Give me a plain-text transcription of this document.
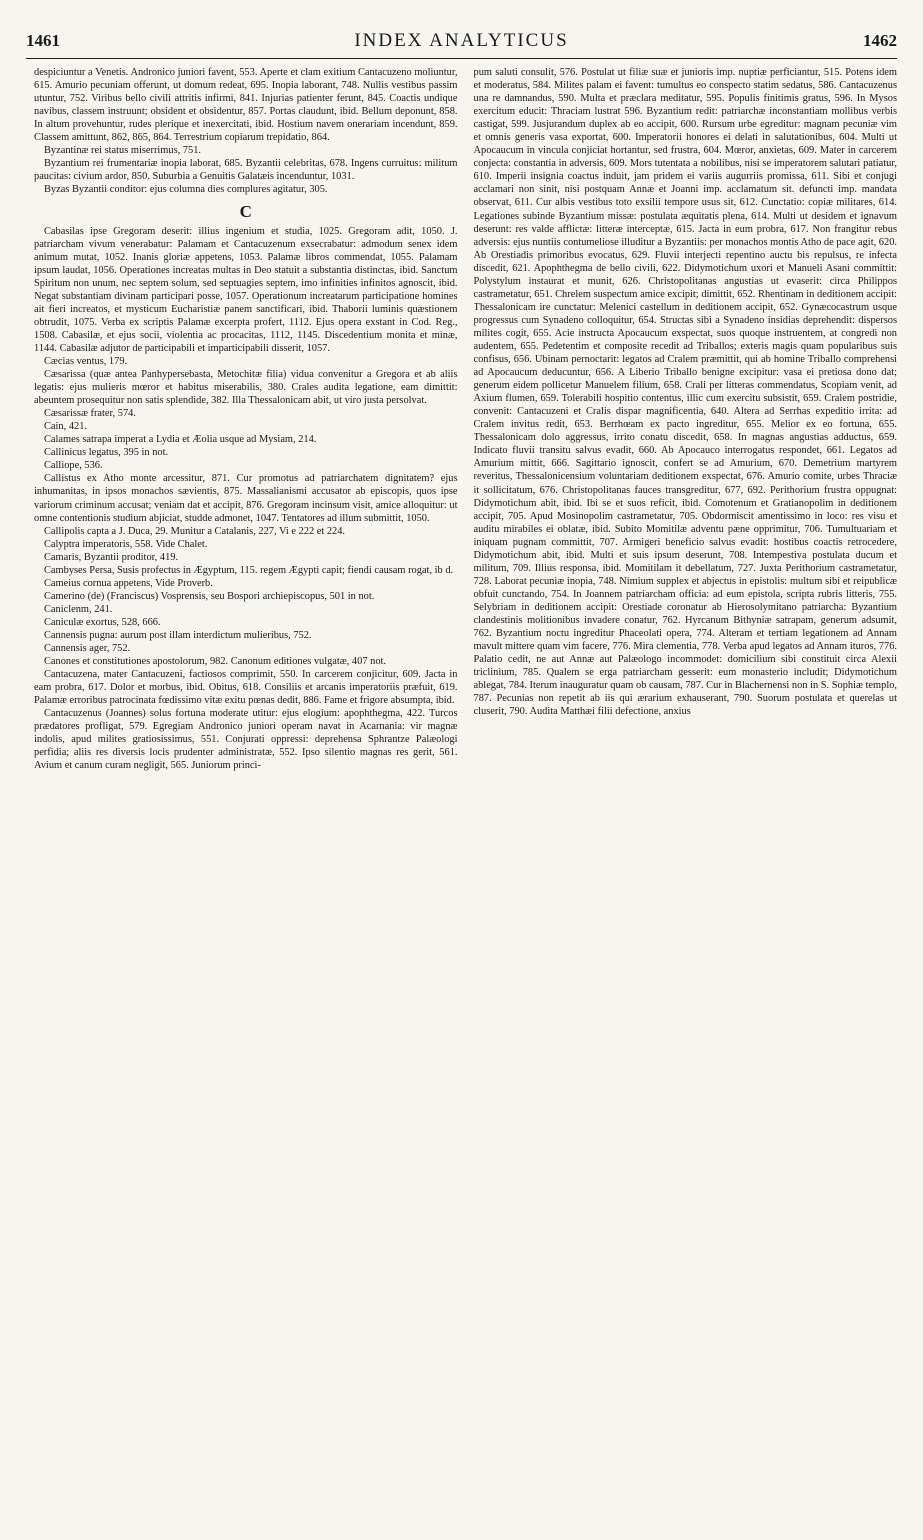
1461	INDEX ANALYTICUS	1462

despiciuntur a Venetis. Andronico juniori favent, 553. Aperte et clam exitium Cantacuzeno moliuntur, 615. Amurio pecuniam offerunt, ut domum redeat, 695. Inopia laborant, 748. Nullis vestibus passim utuntur, 752. Viribus bello civili attritis infirmi, 841. Injurias patienter ferunt, 845. Coactis undique navibus, classem instruunt; obsident et obsidentur, 857. Portas claudunt, ibid. Bellum deponunt, 858. In altum provehuntur, rudes plerique et inexercitati, ibid. Hostium navem onerariam incendunt, 859. Classem amittunt, 862, 865, 864. Terrestrium copiarum trepidatio, 864.

Byzantinæ rei status miserrimus, 751.

Byzantium rei frumentariæ inopia laborat, 685. Byzantii celebritas, 678. Ingens curruitus: militum paucitas: civium ardor, 850. Suburbia a Genuitis Galatæis incenduntur, 1031.

Byzas Byzantii conditor: ejus columna dies complures agitatur, 305.

C

Cabasilas ipse Gregoram deserit: illius ingenium et studia, 1025. Gregoram adit, 1050. J. patriarcham vivum venerabatur: Palamam et Cantacuzenum exsecrabatur: admodum senex idem animum mutat, 1052. Inanis gloriæ appetens, 1053. Palamæ libros commendat, 1055. Palamam ipsum laudat, 1056. Operationes increatas multas in Deo statuit a substantia distinctas, ibid. Sanctum Spiritum non unum, nec septem solum, sed septuagies septem, imo infinities infinitos agnoscit, ibid. Negat substantiam divinam participari posse, 1057. Operationum increatarum participatione homines ait fieri increatos, et mysticum Eucharistiæ panem sanctificari, ibid. Thaborii luminis quæstionem obtrudit, 1075. Verba ex scriptis Palamæ excerpta profert, 1112. Ejus opera exstant in Cod. Reg., 1508. Cabasilæ, et ejus socii, violentia ac procacitas, 1112, 1145. Discedentium monita et minæ, 1144. Cabasilæ adjutor de participabili et imparticipabili disserit, 1057.

Cæcias ventus, 179.

Cæsarissa (quæ antea Panhypersebasta, Metochitæ filia) vidua convenitur a Gregora et ab aliis legatis: ejus mulieris mœror et habitus miserabilis, 380. Crales audita legatione, eam dimittit: abeuntem prosequitur non satis splendide, 382. Illa Thessalonicam abit, ut viro justa persolvat.

Cæsarissæ frater, 574.

Cain, 421.

Calames satrapa imperat a Lydia et Æolia usque ad Mysiam, 214.

Callinicus legatus, 395 in not.

Calliope, 536.

Callistus ex Atho monte arcessitur, 871. Cur promotus ad patriarchatem dignitatem? ejus inhumanitas, in ipsos monachos sævientis, 875. Massalianismi accusator ab episcopis, quos ipse variorum criminum accusat; veniam dat et accipit, 876. Gregoram incinsum visit, amice alloquitur: ut omne contentionis studium abjiciat, studde admonet, 1047. Tentatores ad illum submittit, 1050.

Callipolis capta a J. Duca, 29. Munitur a Catalanis, 227, Vi e 222 et 224.

Calyptra imperatoris, 558. Vide Chalet.

Camaris, Byzantii proditor, 419.

Cambyses Persa, Susis profectus in Ægyptum, 115. regem Ægypti capit; fiendi causam rogat, ib d.

Cameius cornua appetens, Vide Proverb.

Camerino (de) (Franciscus) Vosprensis, seu Bospori archiepiscopus, 501 in not.

Caniclenm, 241.

Caniculæ exortus, 528, 666.

Cannensis pugna: aurum post illam interdictum mulieribus, 752.

Cannensis ager, 752.

Canones et constitutiones apostolorum, 982. Canonum editiones vulgatæ, 407 not.

Cantacuzena, mater Cantacuzeni, factiosos comprimit, 550. In carcerem conjicitur, 609. Jacta in eam probra, 617. Dolor et morbus, ibid. Obitus, 618. Consiliis et arcanis imperatoriis præfuit, 619. Palamæ erroribus patrocinata fœdissimo vitæ exitu pœnas dedit, 886. Fame et frigore absumpta, ibid.

Cantacuzenus (Joannes) solus fortuna moderate utitur: ejus elogium: apophthegma, 422. Turcos prædatores profligat, 579. Egregiam Andronico juniori operam navat in Acarnania: vir magnæ indolis, apud milites gratiosissimus, 551. Conjurati oppressi: deprehensa Sphrantze Palæologi perfidia; aliis res diversis locis prudenter administratæ, 552. Ipso silentio magnas res gerit, 561. Avium et canum curam negligit, 565. Juniorum princi-

pum saluti consulit, 576. Postulat ut filiæ suæ et junioris imp. nuptiæ perficiantur, 515. Potens idem et moderatus, 584. Milites palam ei favent: tumultus eo conspecto statim sedatus, 586. Cantacuzenus una re damnandus, 590. Multa et præclara meditatur, 595. Populis finitimis gratus, 596. In Mysos exercitum educit: Thraciam lustrat 596. Byzantium redit: patriarchæ inconstantiam mollibus verbis castigat, 599. Jusjurandum duplex ab eo accipit, 600. Rursum urbe egreditur: magnam pecuniæ vim et omnis generis vasa exportat, 600. Imperatorii honores ei delati in salutationibus, 604. Multi ut Apocaucum in vincula conjiciat hortantur, sed frustra, 604. Mœror, anxietas, 609. Mater in carcerem conjecta: constantia in adversis, 609. Mors tutentata a nobilibus, nisi se imperatorem salutari patiatur, 610. Imperii insignia coactus induit, jam pridem ei variis augurriis promissa, 611. Sibi et conjugi acclamari non sinit, nisi postquam Annæ et Joanni imp. acclamatum sit. defuncti imp. mandata observat, 611. Cur albis vestibus toto exsilii tempore usus sit, 612. Cunctatio: copiæ militares, 614. Legationes subinde Byzantium missæ: postulata æquitatis plena, 614. Multi ut desidem et ignavum deserunt: res valde afflictæ: litteræ interceptæ, 615. Jacta in eum probra, 617. Non frangitur rebus adversis: ejus nuntiis contumeliose illuditur a Byzantiis: per monachos montis Atho de pace agit, 620. Ab Orestiadis primoribus evocatus, 629. Fluvii interjecti repentino auctu bis repulsus, re infecta discedit, 621. Apophthegma de bello civili, 622. Didymotichum uxori et Manueli Asani committit: Polystylum instaurat et munit, 626. Christopolitanas angustias ut evaserit: circa Philippos castrametatur, 651. Chrelem suspectum amice excipit; dimittit, 652. Rhentinam in deditionem accipit: Thessalonicam ire cunctatur: Melenici castellum in deditionem accipit, 652. Gynæcocastrum usque progressus cum Synadeno colloquitur, 654. Structas sibi a Synadeno insidias deprehendit: dispersos milites cogit, 655. Acie instructa Apocaucum exspectat, suos quoque instruentem, at congredi non audentem, 655. Pedetentim et composite recedit ad Triballos; exteris magis quam popularibus suis confisus, 656. Ubinam pernoctarit: legatos ad Cralem præmittit, qui ab homine Triballo comprehensi ad Apocaucum deducuntur, 656. A Liberio Triballo benigne excipitur: vasa ei pretiosa dono dat; generum eidem pollicetur Manuelem filium, 658. Crali per litteras commendatus, Scopiam venit, ad Axium flumen, 659. Tolerabili hospitio contentus, illic cum exercitu subsistit, 659. Cralem postridie, convenit: Cantacuzeni et Cralis dispar magnificentia, 640. Altera ad Serrhas expeditio irrita: ad Cralem invitus redit, 653. Berrhœam ex pacto ingreditur, 655. Melior ex eo fortuna, 655. Thessalonicam dolo aggressus, irrito conatu discedit, 658. In magnas angustias adductus, 659. Indicato fluvii transitu salvus evadit, 660. Ab Apocauco interrogatus respondet, 661. Legatos ad Amurium mittit, 666. Sagittario ignoscit, confert se ad Amurium, 670. Demetrium martyrem reveritus, Thessalonicensium voluntariam deditionem exspectat, 676. Amurio comite, urbes Thraciæ it sollicitatum, 676. Christopolitanas fauces transgreditur, 677, 692. Perithorium frustra oppugnat: Didymotichum abit, ibid. Ibi se et suos reficit, ibid. Comotenum et Gratianopolim in deditionem accipit, 705. Apud Mosinopolim castrametatur, 705. Obdormiscit amentissimo in loco: res visu et auditu mirabiles ei oblatæ, ibid. Subito Momitilæ adventu pæne opprimitur, 706. Tumultuariam et iniquam pugnam committit, 707. Armigeri beneficio salvus evadit: hostibus coactis retrocedere, Didymotichum abit, ibid. Multi et suis ipsum deserunt, 708. Intempestiva postulata ducum et militum, 709. Illius responsa, ibid. Momitilam it debellatum, 727. Juxta Perithorium castrametatur, 728. Laborat pecuniæ inopia, 748. Nimium supplex et abjectus in epistolis: multum sibi et reipublicæ obfuit cunctando, 754. In Joannem patriarcham officia: ad eum epistola, scripta rubris litteris, 755. Selybriam in deditionem accipit: Orestiade coronatur ab Hierosolymitano patriarcha: Byzantium clandestinis molitionibus invadere conatur, 762. Hyrcanum Bithyniæ satrapam, generum adsumit, 762. Byzantium noctu ingreditur Phaceolati opera, 774. Alteram et tertiam legationem ad Annam mavult mittere quam vim facere, 776. Mira clementia, 778. Verba apud legatos ad Annam ituros, 776. Palatio cedit, ne aut Annæ aut Palæologo incommodet: domicilium sibi constituit circa Alexii triclinium, 785. Qualem se erga patriarcham gesserit: eum monasterio includit; Didymotichum ablegat, 784. Iterum inauguratur quam ob causam, 787. Cur in Blachernensi non in S. Sophiæ templo, 787. Pecunias non repetit ab iis qui ærarium exhauserant, 790. Suorum postulata et querelas ut cluserit, 790. Audita Matthæi filii defectione, anxius
